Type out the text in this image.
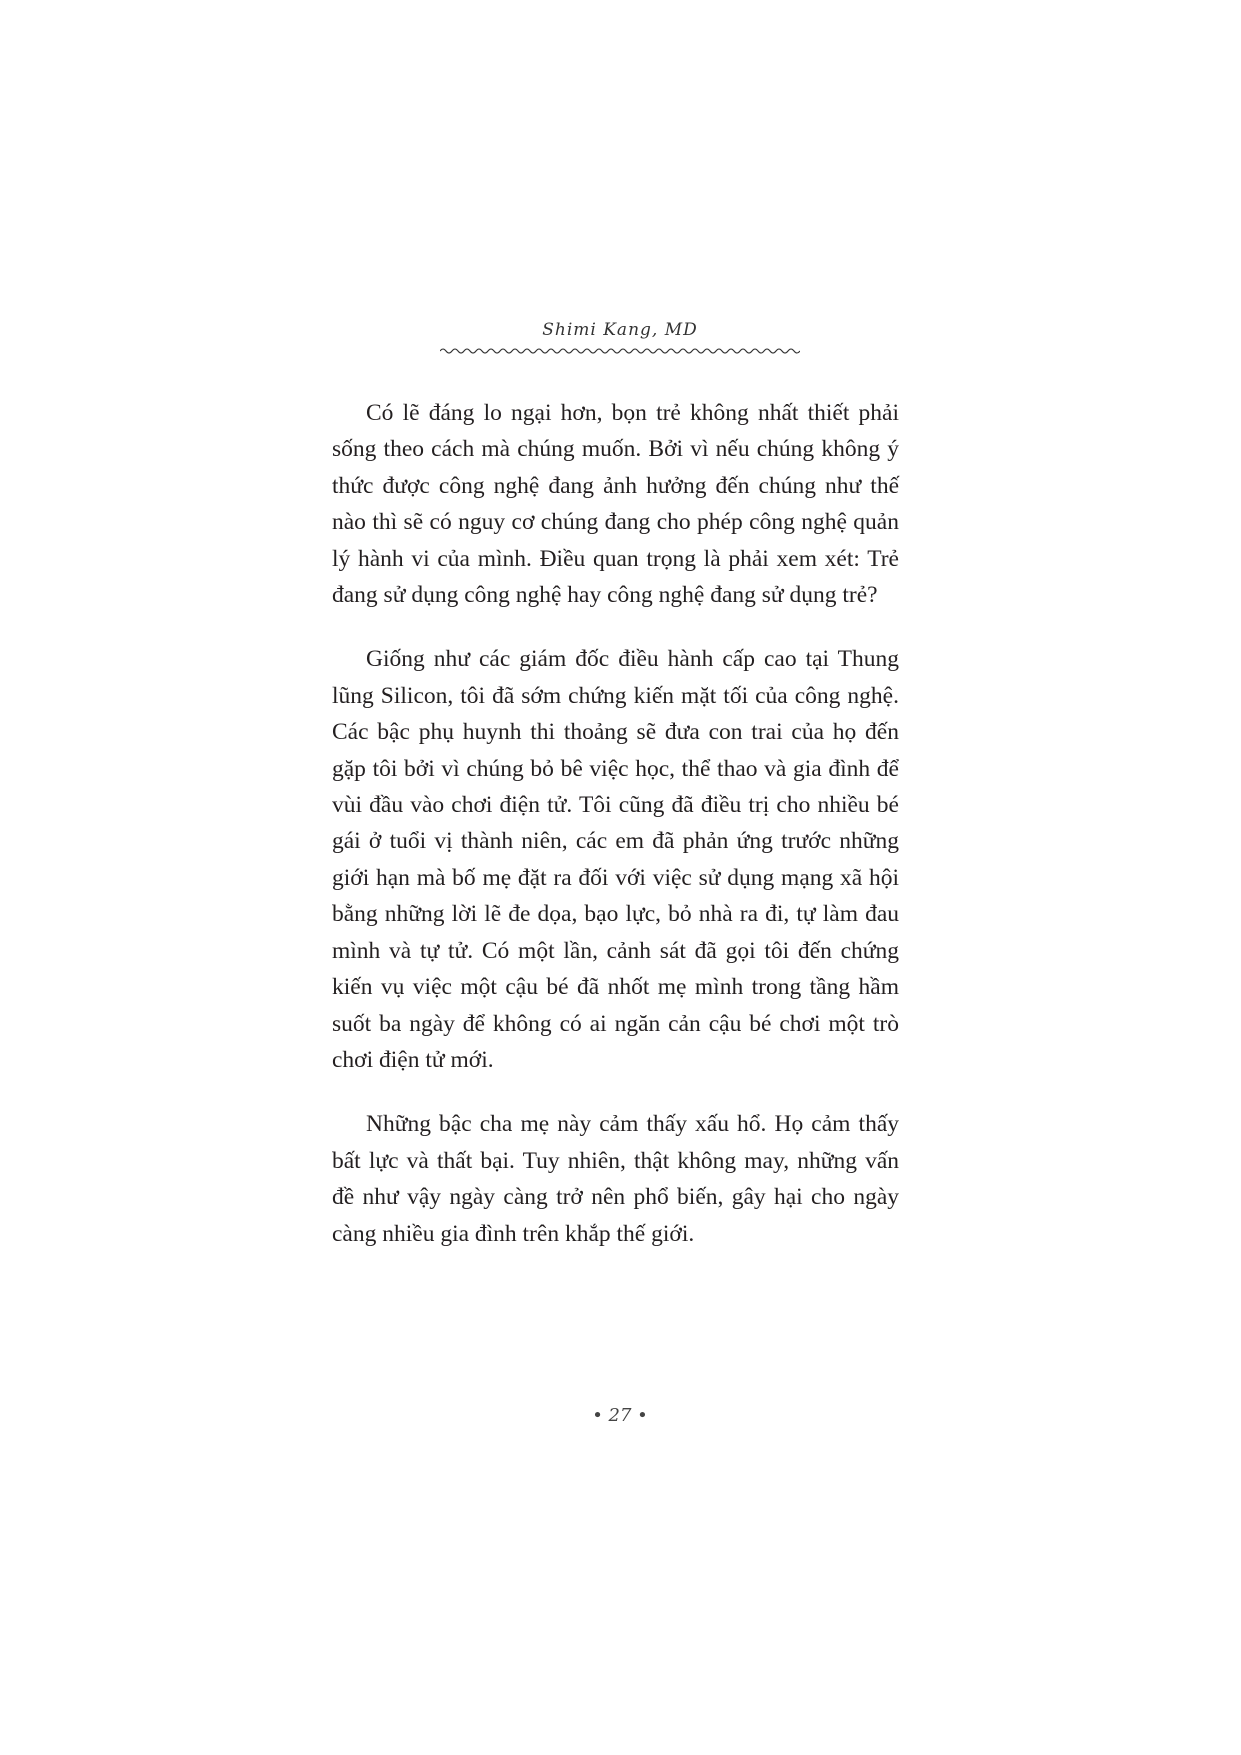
Shimi Kang, MD

Có lẽ đáng lo ngại hơn, bọn trẻ không nhất thiết phải sống theo cách mà chúng muốn. Bởi vì nếu chúng không ý thức được công nghệ đang ảnh hưởng đến chúng như thế nào thì sẽ có nguy cơ chúng đang cho phép công nghệ quản lý hành vi của mình. Điều quan trọng là phải xem xét: Trẻ đang sử dụng công nghệ hay công nghệ đang sử dụng trẻ?

Giống như các giám đốc điều hành cấp cao tại Thung lũng Silicon, tôi đã sớm chứng kiến mặt tối của công nghệ. Các bậc phụ huynh thi thoảng sẽ đưa con trai của họ đến gặp tôi bởi vì chúng bỏ bê việc học, thể thao và gia đình để vùi đầu vào chơi điện tử. Tôi cũng đã điều trị cho nhiều bé gái ở tuổi vị thành niên, các em đã phản ứng trước những giới hạn mà bố mẹ đặt ra đối với việc sử dụng mạng xã hội bằng những lời lẽ đe dọa, bạo lực, bỏ nhà ra đi, tự làm đau mình và tự tử. Có một lần, cảnh sát đã gọi tôi đến chứng kiến vụ việc một cậu bé đã nhốt mẹ mình trong tầng hầm suốt ba ngày để không có ai ngăn cản cậu bé chơi một trò chơi điện tử mới.

Những bậc cha mẹ này cảm thấy xấu hổ. Họ cảm thấy bất lực và thất bại. Tuy nhiên, thật không may, những vấn đề như vậy ngày càng trở nên phổ biến, gây hại cho ngày càng nhiều gia đình trên khắp thế giới.

• 27 •
